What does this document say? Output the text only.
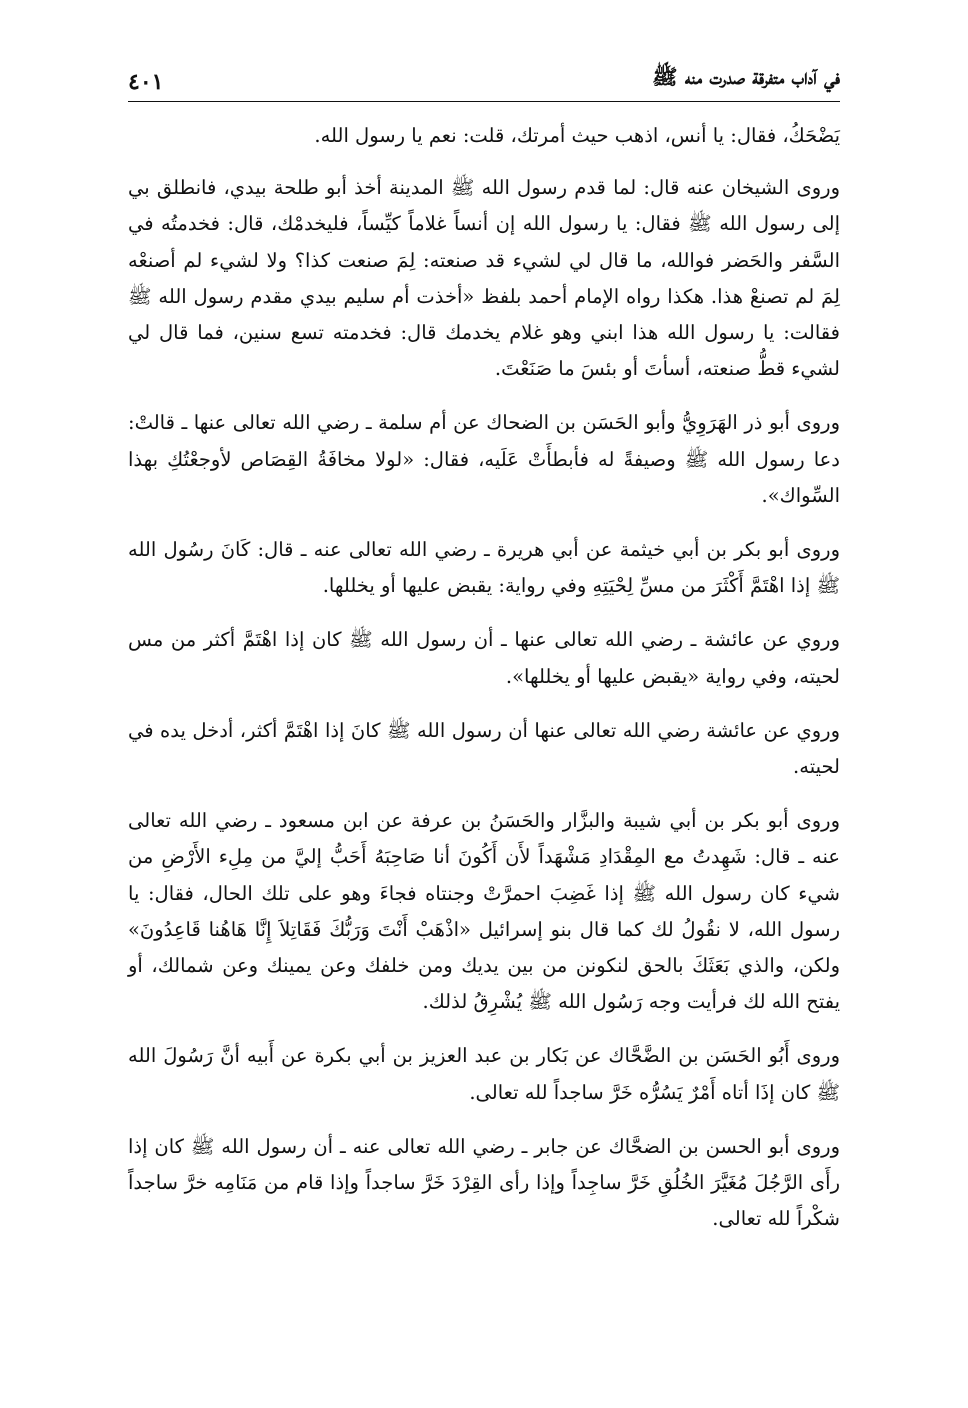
في آداب متفرقة صدرت منه ﷺ
٤٠١

يَضْحَكُ، فقال: يا أنس، اذهب حيث أمرتك، قلت: نعم يا رسول الله.

وروى الشيخان عنه قال: لما قدم رسول الله ﷺ المدينة أخذ أبو طلحة بيدي، فانطلق بي إلى رسول الله ﷺ فقال: يا رسول الله إن أنساً غلاماً كيِّساً، فليخدمْك، قال: فخدمتُه في السَّفر والحَضر فوالله، ما قال لي لشيء قد صنعته: لِمَ صنعت كذا؟ ولا لشيء لم أصنعْه لِمَ لم تصنعْ هذا. هكذا رواه الإمام أحمد بلفظ «أخذت أم سليم بيدي مقدم رسول الله ﷺ فقالت: يا رسول الله هذا ابني وهو غلام يخدمك قال: فخدمته تسع سنين، فما قال لي لشيء قطُّ صنعته، أسأتَ أو بئسَ ما صَنَعْتَ.

وروى أبو ذر الهَرَوِيُّ وأبو الحَسَن بن الضحاك عن أم سلمة ـ رضي الله تعالى عنها ـ قالتْ: دعا رسول الله ﷺ وصيفةً له فأبطأَتْ عَلَيه، فقال: «لولا مخافَةُ القِصَاص لأوجعْتُكِ بهذا السِّواك».

وروى أبو بكر بن أبي خيثمة عن أبي هريرة ـ رضي الله تعالى عنه ـ قال: كَانَ رسُول الله ﷺ إذا اهْتَمَّ أَكْثَرَ من مسِّ لِحْيَتِهِ وفي رواية: يقبض عليها أو يخللها.

وروي عن عائشة ـ رضي الله تعالى عنها ـ أن رسول الله ﷺ كان إذا اهْتَمَّ أكثر من مس لحيته، وفي رواية «يقبض عليها أو يخللها».

وروي عن عائشة رضي الله تعالى عنها أن رسول الله ﷺ كانَ إذا اهْتَمَّ أكثر، أدخل يده في لحيته.

وروى أبو بكر بن أبي شيبة والبزَّار والحَسَنُ بن عرفة عن ابن مسعود ـ رضي الله تعالى عنه ـ قال: شَهِدتُ مع المِقْدَادِ مَشْهَداً لأَن أَكُونَ أنا صَاحِبَهُ أَحَبُّ إليَّ من مِلِء الأَرْضِ من شيء كان رسول الله ﷺ إذا غَضِبَ احمرَّتْ وجنتاه فجاءَ وهو على تلك الحال، فقال: يا رسول الله، لا نقُولُ لك كما قال بنو إسرائيل «اذْهَبْ أَنْتَ وَرَبُّكَ فَقَاتِلاَ إِنَّا هَاهُنا قَاعِدُونَ» ولكن، والذي بَعَثَكَ بالحق لنكونن من بين يديك ومن خلفك وعن يمينك وعن شمالك، أو يفتح الله لك فرأيت وجه رَسُول الله ﷺ يُشْرِقُ لذلك.

وروى أَبُو الحَسَن بن الضَّحَّاك عن بَكار بن عبد العزيز بن أبي بكرة عن أَبيه أنَّ رَسُولَ الله ﷺ كان إذَا أتاه أَمْرٌ يَسُرُّه خَرَّ ساجداً لله تعالى.

وروى أبو الحسن بن الضحَّاك عن جابر ـ رضي الله تعالى عنه ـ أن رسول الله ﷺ كان إذا رأَى الرَّجُلَ مُغَيَّرَ الخُلُقِ خَرَّ ساجِداً وإذا رأى القِرْدَ خَرَّ ساجداً وإذا قام من مَنَامِه خرَّ ساجداً شكْراً لله تعالى.
